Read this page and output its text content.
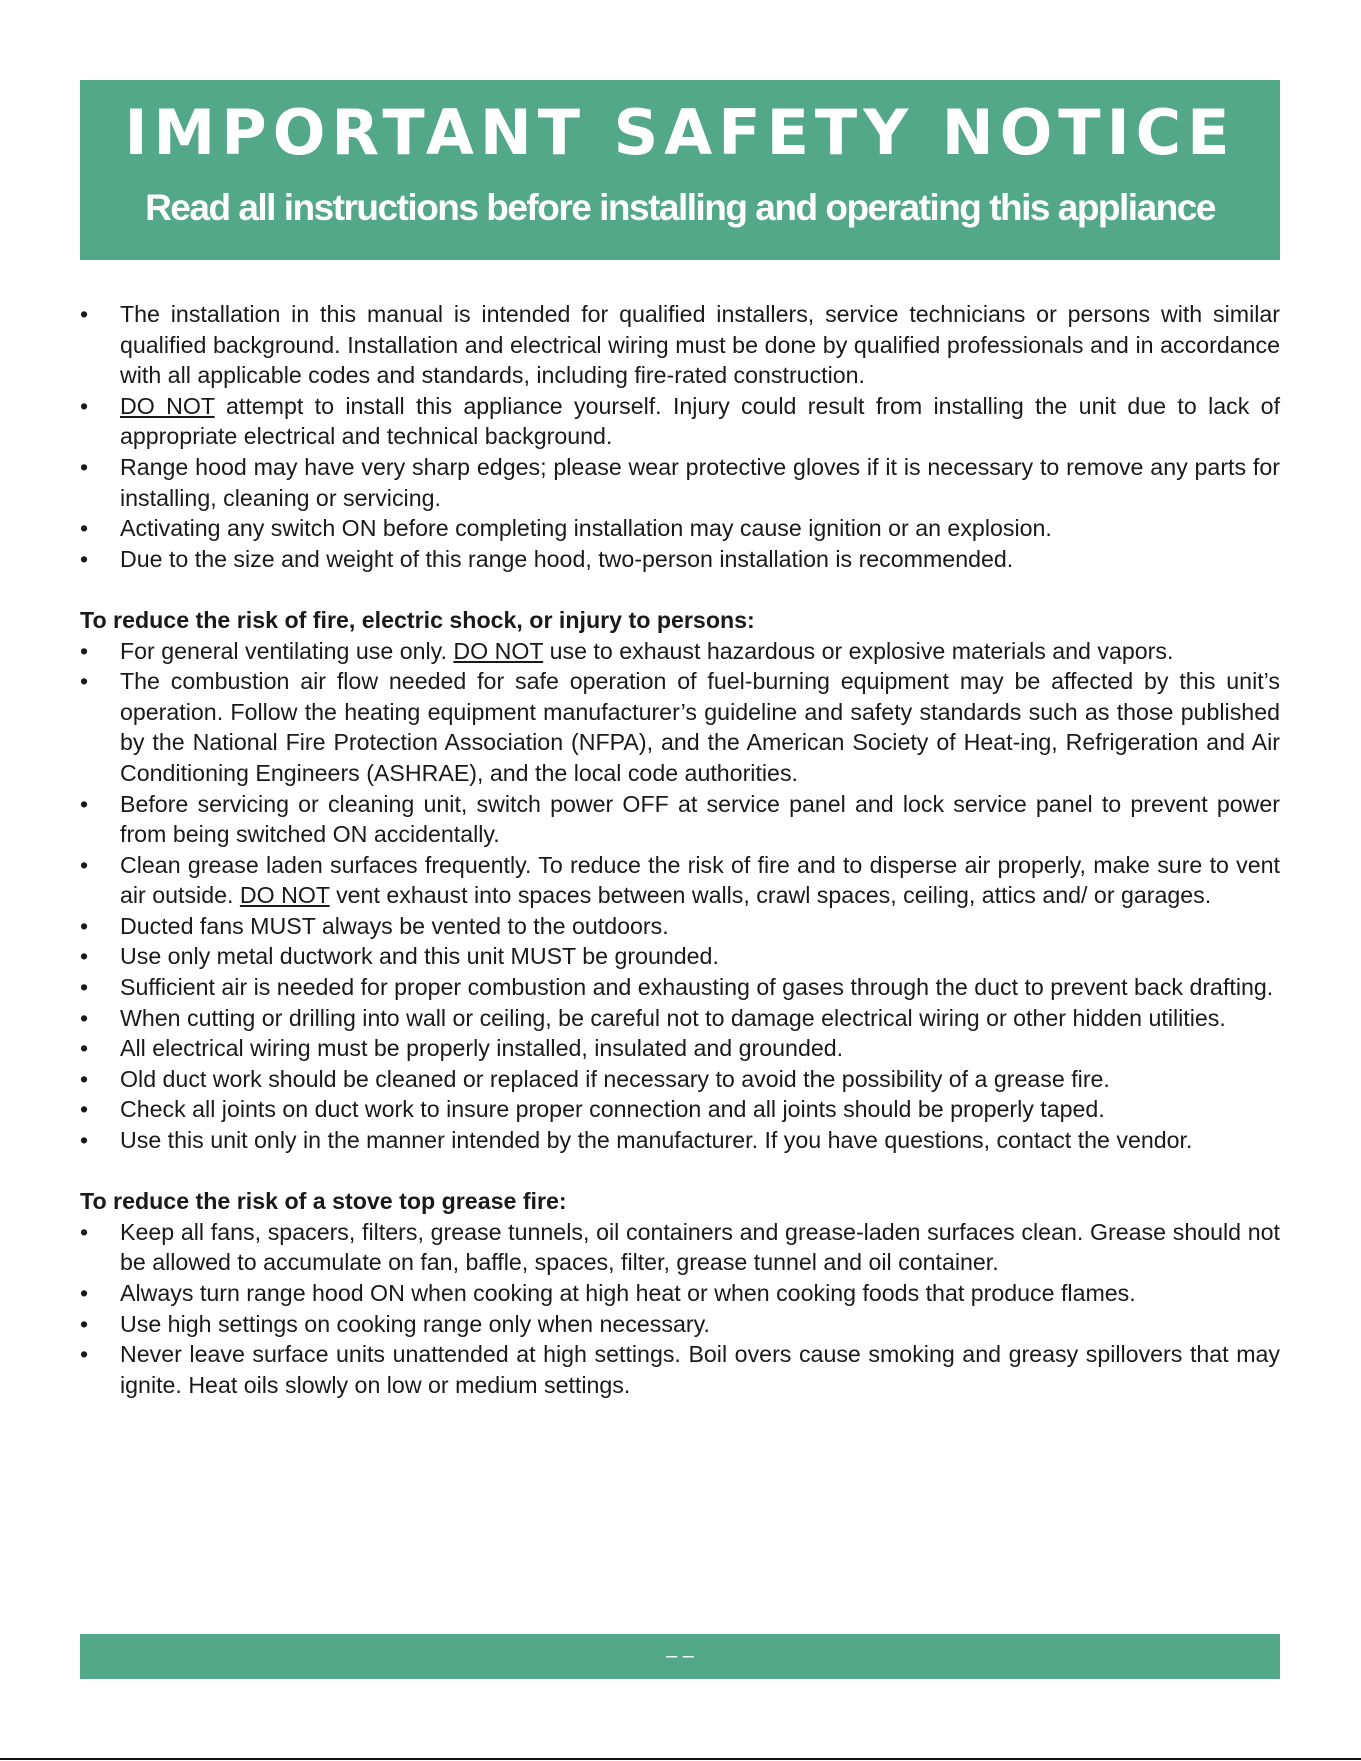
IMPORTANT SAFETY NOTICE

Read all instructions before installing and operating this appliance

•	The installation in this manual is intended for qualified installers, service technicians or persons with similar qualified background. Installation and electrical wiring must be done by qualified professionals and in accordance with all applicable codes and standards, including fire-rated construction.
•	DO NOT attempt to install this appliance yourself. Injury could result from installing the unit due to lack of appropriate electrical and technical background.
•	Range hood may have very sharp edges; please wear protective gloves if it is necessary to remove any parts for installing, cleaning or servicing.
•	Activating any switch ON before completing installation may cause ignition or an explosion.
•	Due to the size and weight of this range hood, two-person installation is recommended.
To reduce the risk of fire, electric shock, or injury to persons:
•	For general ventilating use only. DO NOT use to exhaust hazardous or explosive materials and vapors.
•	The combustion air flow needed for safe operation of fuel-burning equipment may be affected by this unit’s operation. Follow the heating equipment manufacturer’s guideline and safety standards such as those published by the National Fire Protection Association (NFPA), and the American Society of Heat-ing, Refrigeration and Air Conditioning Engineers (ASHRAE), and the local code authorities.
•	Before servicing or cleaning unit, switch power OFF at service panel and lock service panel to prevent power from being switched ON accidentally.
•	Clean grease laden surfaces frequently. To reduce the risk of fire and to disperse air properly, make sure to vent air outside. DO NOT vent exhaust into spaces between walls, crawl spaces, ceiling, attics and/ or garages.
•	Ducted fans MUST always be vented to the outdoors.
•	Use only metal ductwork and this unit MUST be grounded.
•	Sufficient air is needed for proper combustion and exhausting of gases through the duct to prevent back drafting.
•	When cutting or drilling into wall or ceiling, be careful not to damage electrical wiring or other hidden utilities.
•	All electrical wiring must be properly installed, insulated and grounded.
•	Old duct work should be cleaned or replaced if necessary to avoid the possibility of a grease fire.
•	Check all joints on duct work to insure proper connection and all joints should be properly taped.
•	Use this unit only in the manner intended by the manufacturer. If you have questions, contact the vendor.
To reduce the risk of a stove top grease fire:
•	Keep all fans, spacers, filters, grease tunnels, oil containers and grease-laden surfaces clean. Grease should not be allowed to accumulate on fan, baffle, spaces, filter, grease tunnel and oil container.
•	Always turn range hood ON when cooking at high heat or when cooking foods that produce flames.
•	Use high settings on cooking range only when necessary.
•	Never leave surface units unattended at high settings. Boil overs cause smoking and greasy spillovers that may ignite. Heat oils slowly on low or medium settings.
– –
